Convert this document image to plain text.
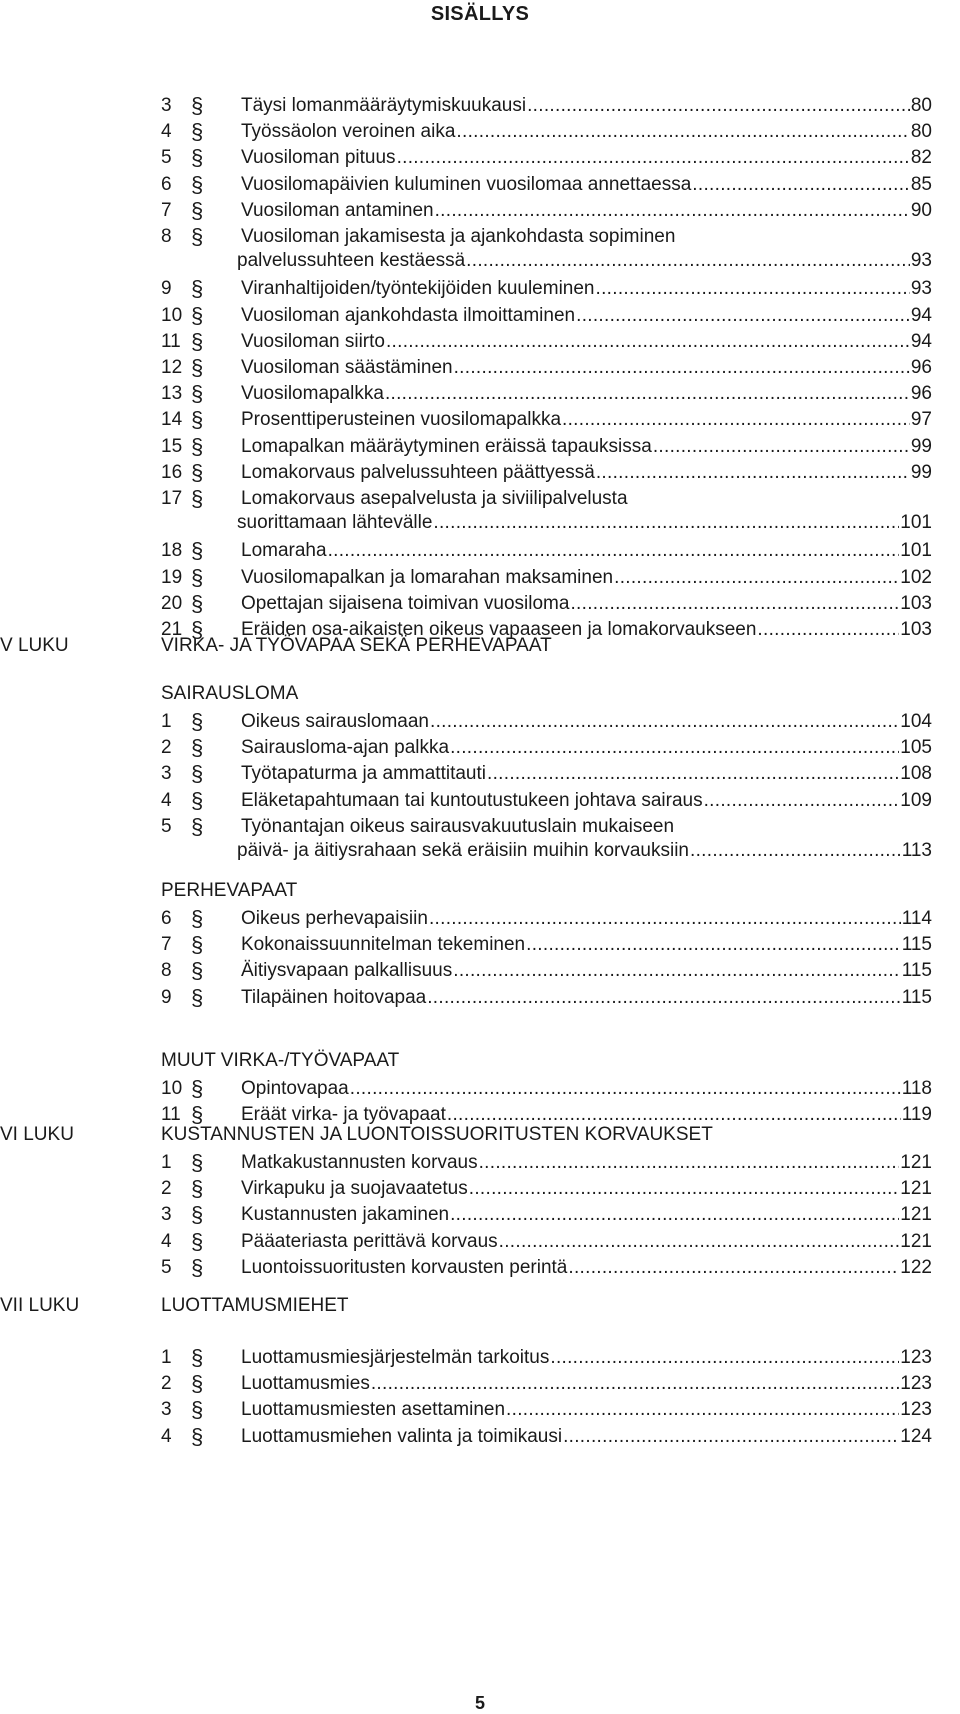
SISÄLLYS
3 §	Täysi lomanmääräytymiskuukausi .....	80
4 §	Työssäolon veroinen aika .....	80
5 §	Vuosiloman pituus .....	82
6 §	Vuosilomapäivien kuluminen vuosilomaa annettaessa .....	85
7 §	Vuosiloman antaminen .....	90
8 §	Vuosiloman jakamisesta ja ajankohdasta sopiminen
palvelussuhteen kestäessä .....	93
9 §	Viranhaltijoiden/työntekijöiden kuuleminen .....	93
10 §	Vuosiloman ajankohdasta ilmoittaminen .....	94
11 §	Vuosiloman siirto .....	94
12 §	Vuosiloman säästäminen .....	96
13 §	Vuosilomapalkka .....	96
14 §	Prosenttiperusteinen vuosilomapalkka .....	97
15 §	Lomapalkan määräytyminen eräissä tapauksissa .....	99
16 §	Lomakorvaus palvelussuhteen päättyessä .....	99
17 §	Lomakorvaus asepalvelusta ja siviilipalvelusta
suorittamaan lähtevälle .....	101
18 §	Lomaraha .....	101
19 §	Vuosilomapalkan ja lomarahan maksaminen .....	102
20 §	Opettajan sijaisena toimivan vuosiloma .....	103
21 §	Eräiden osa-aikaisten oikeus vapaaseen ja lomakorvaukseen .....	103
V LUKU	VIRKA- JA TYÖVAPAA SEKÄ PERHEVAPAAT
SAIRAUSLOMA
1 §	Oikeus sairauslomaan .....	104
2 §	Sairausloma-ajan palkka .....	105
3 §	Työtapaturma ja ammattitauti .....	108
4 §	Eläketapahtumaan tai kuntoutustukeen johtava sairaus .....	109
5 §	Työnantajan oikeus sairausvakuutuslain mukaiseen
päivä- ja äitiysrahaan sekä eräisiin muihin korvauksiin .....	113
PERHEVAPAAT
6 §	Oikeus perhevapaisiin .....	114
7 §	Kokonaissuunnitelman tekeminen .....	115
8 §	Äitiysvapaan palkallisuus .....	115
9 §	Tilapäinen hoitovapaa .....	115
MUUT VIRKA-/TYÖVAPAAT
10 §	Opintovapaa .....	118
11 §	Eräät virka- ja työvapaat .....	119
VI LUKU	KUSTANNUSTEN JA LUONTOISSUORITUSTEN KORVAUKSET
1 §	Matkakustannusten korvaus .....	121
2 §	Virkapuku ja suojavaatetus .....	121
3 §	Kustannusten jakaminen .....	121
4 §	Pääateriasta perittävä korvaus .....	121
5 §	Luontoissuoritusten korvausten perintä .....	122
VII LUKU	LUOTTAMUSMIEHET
1 §	Luottamusmiesjärjestelmän tarkoitus .....	123
2 §	Luottamusmies .....	123
3 §	Luottamusmiesten asettaminen .....	123
4 §	Luottamusmiehen valinta ja toimikausi .....	124
5
